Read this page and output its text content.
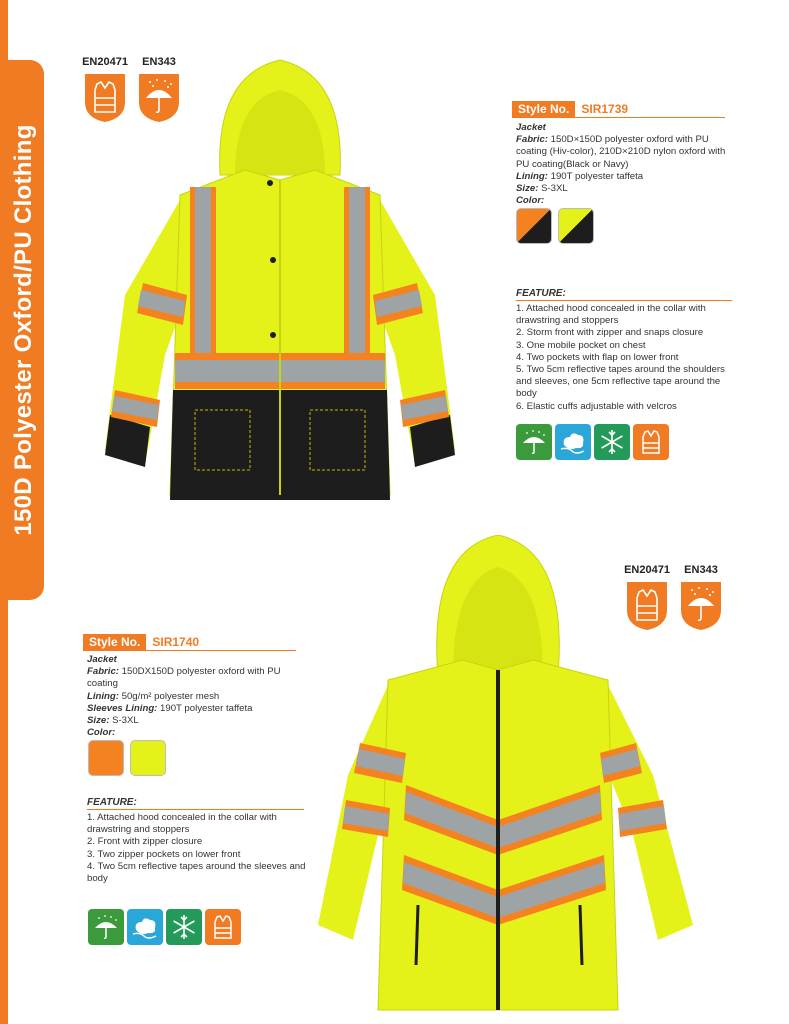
150D Polyester Oxford/PU Clothing
EN20471	EN343
Style No.	SIR1739
Jacket
Fabric: 150D×150D polyester oxford with PU coating (Hiv-color), 210D×210D nylon oxford with PU coating(Black or Navy)
Lining: 190T polyester taffeta
Size: S-3XL
Color:
FEATURE:
1. Attached hood concealed in the collar with drawstring and stoppers
2. Storm front with zipper and snaps closure
3. One mobile pocket on chest
4. Two pockets with flap on lower front
5. Two 5cm reflective tapes around the shoulders and sleeves, one 5cm reflective tape around the body
6. Elastic cuffs adjustable with velcros
EN20471	EN343
Style No.	SIR1740
Jacket
Fabric: 150DX150D polyester oxford with PU coating
Lining: 50g/m² polyester mesh
Sleeves Lining: 190T polyester taffeta
Size: S-3XL
Color:
FEATURE:
1. Attached hood concealed in the collar with drawstring and stoppers
2. Front with zipper closure
3. Two zipper pockets on lower front
4. Two 5cm reflective tapes around the sleeves and body
